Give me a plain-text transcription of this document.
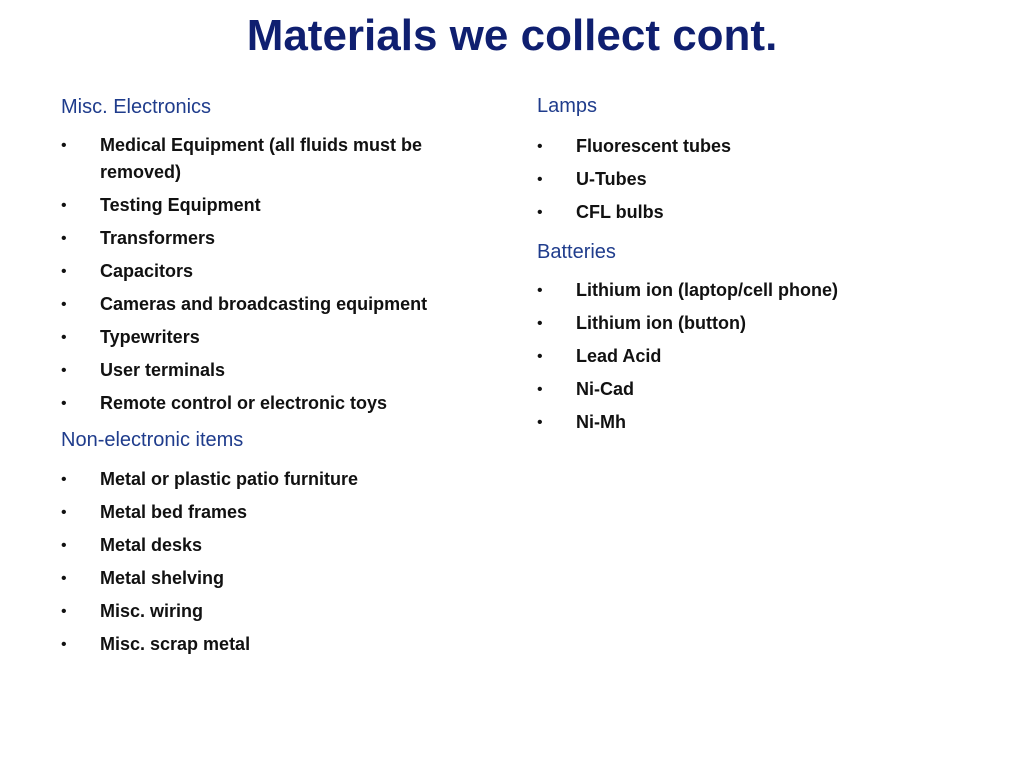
Materials we collect cont.
Misc. Electronics
• Medical Equipment (all fluids must be removed)
• Testing Equipment
• Transformers
• Capacitors
• Cameras and broadcasting equipment
• Typewriters
• User terminals
• Remote control or electronic toys
Non-electronic items
• Metal or plastic patio furniture
• Metal bed frames
• Metal desks
• Metal shelving
• Misc. wiring
• Misc. scrap metal
Lamps
• Fluorescent tubes
• U-Tubes
• CFL bulbs
Batteries
• Lithium ion (laptop/cell phone)
• Lithium ion (button)
• Lead Acid
• Ni-Cad
• Ni-Mh
